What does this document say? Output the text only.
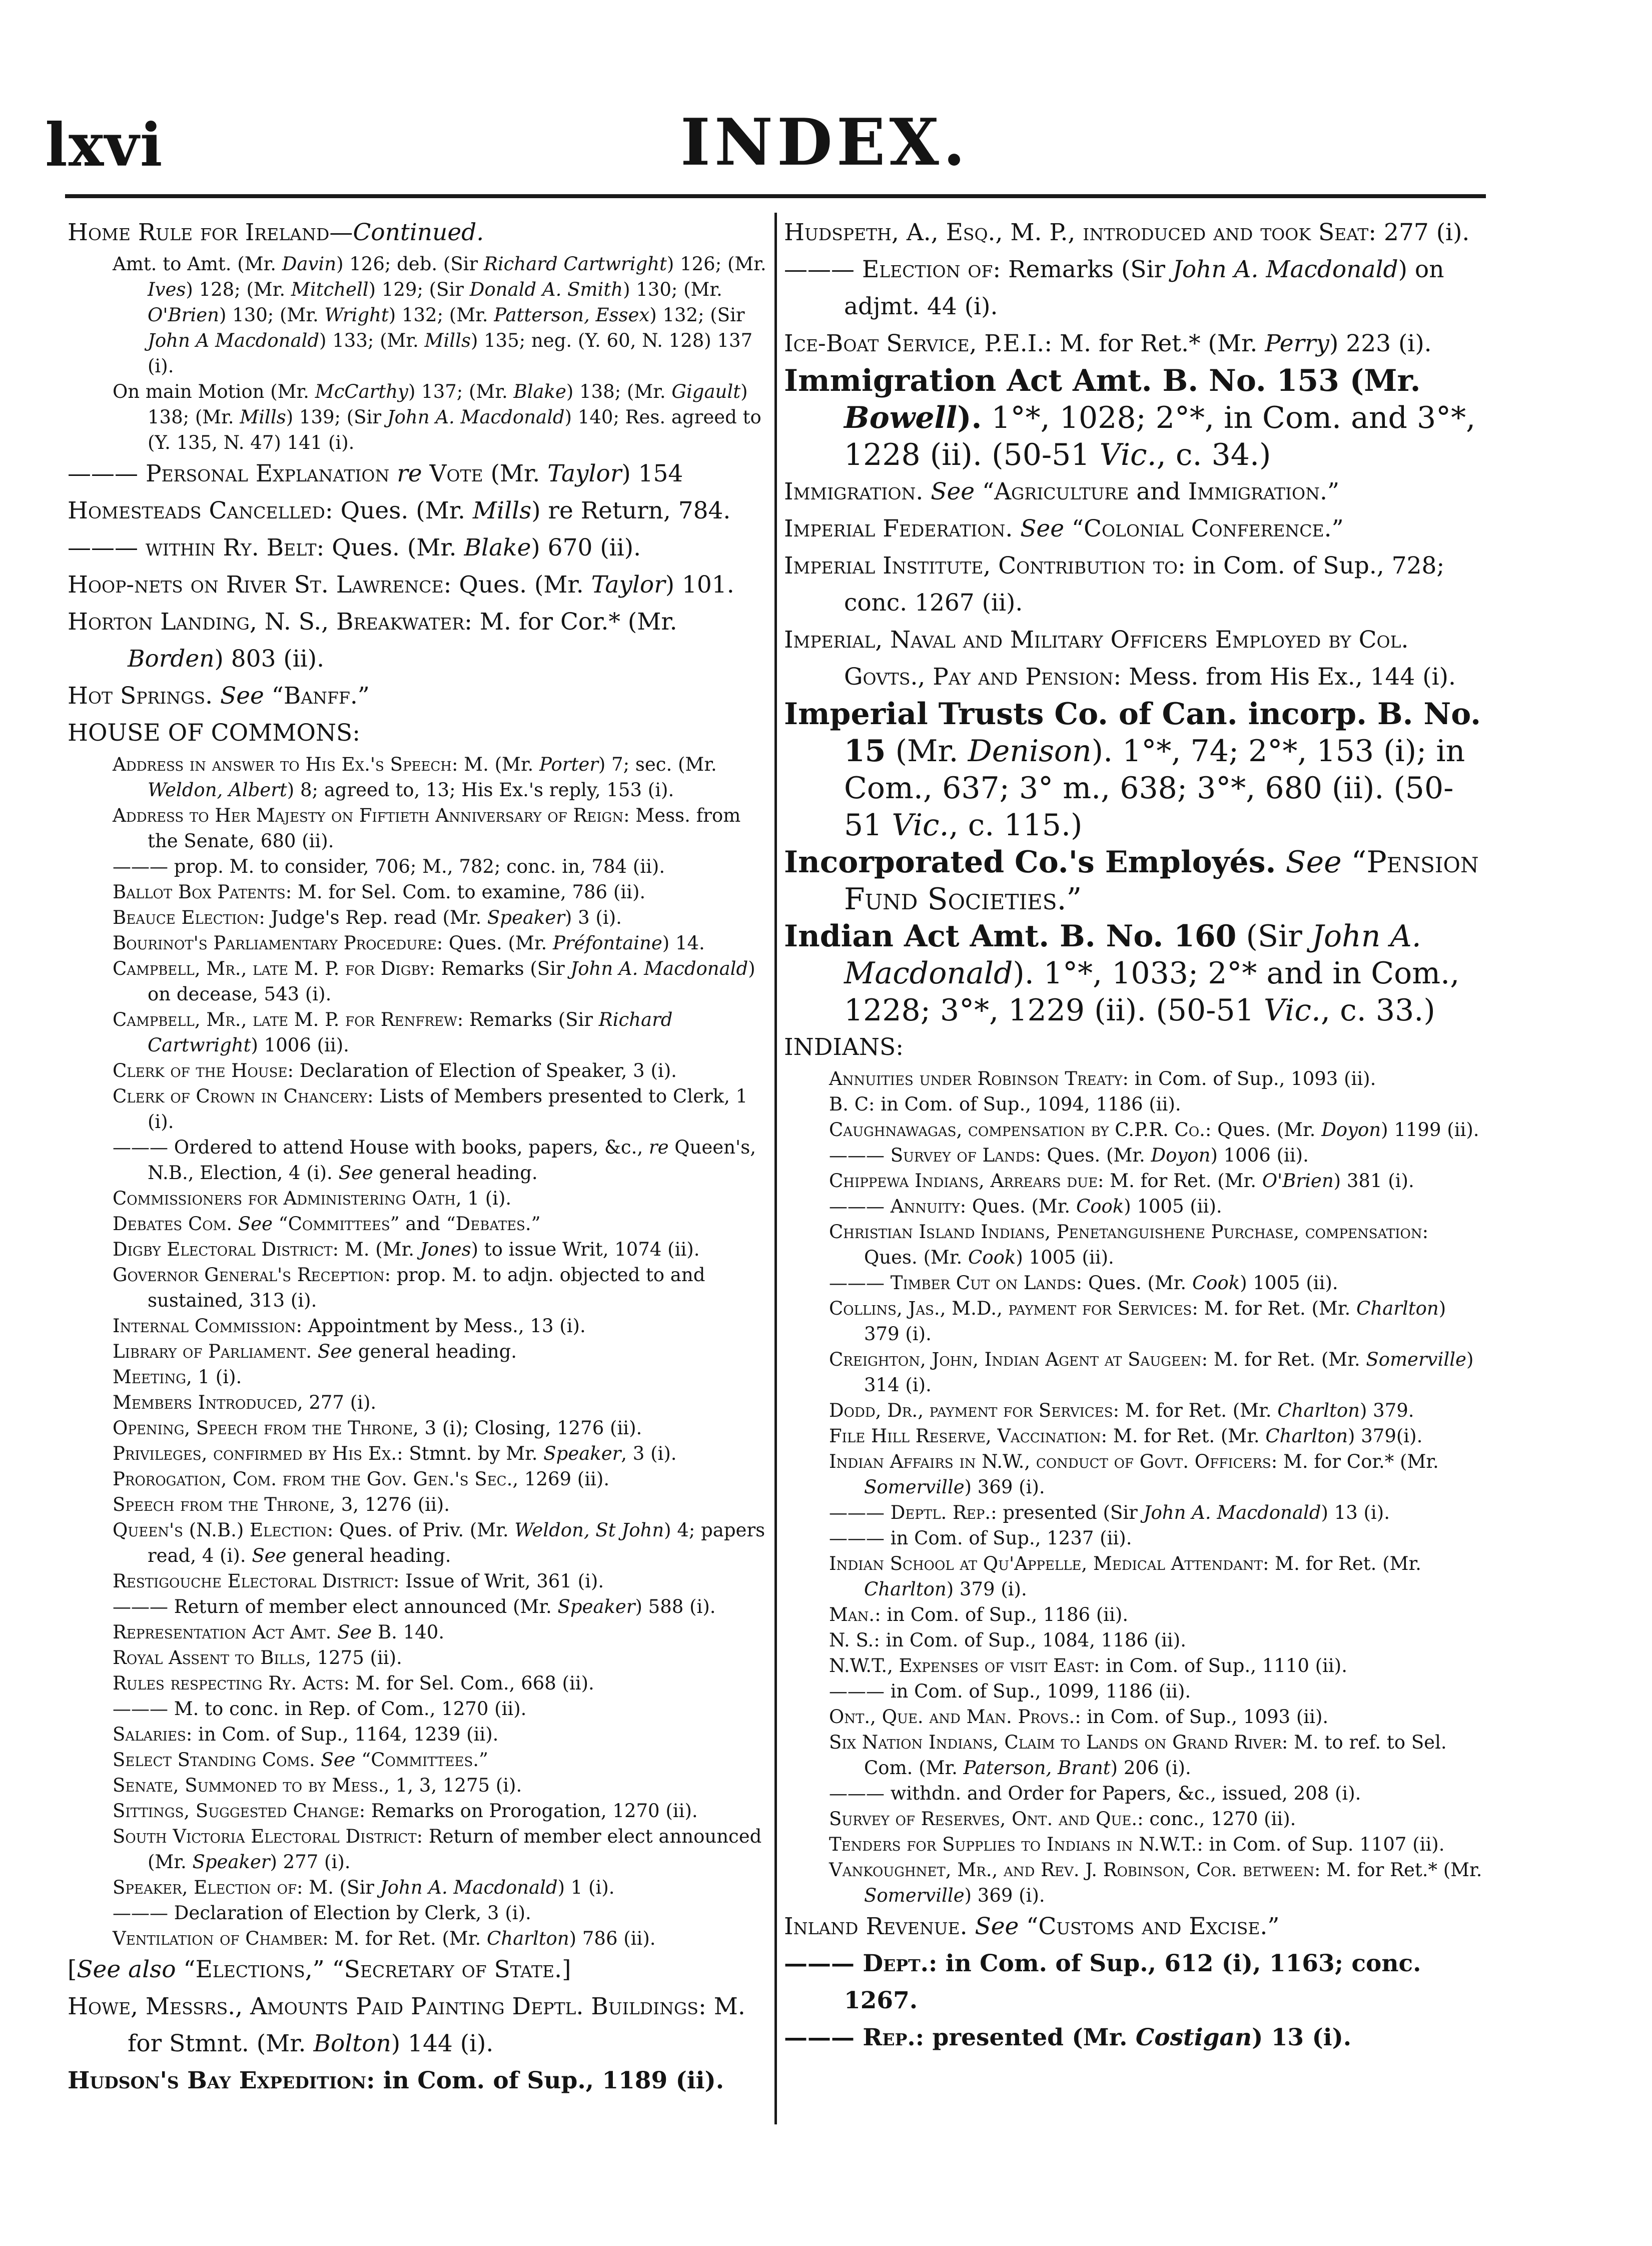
lxvi	INDEX.

Home Rule for Ireland—Continued.

Amt. to Amt. (Mr. Davin) 126; deb. (Sir Richard Cartwright) 126; (Mr. Ives) 128; (Mr. Mitchell) 129; (Sir Donald A. Smith) 130; (Mr. O'Brien) 130; (Mr. Wright) 132; (Mr. Patterson, Essex) 132; (Sir John A Macdonald) 133; (Mr. Mills) 135; neg. (Y. 60, N. 128) 137 (i).

On main Motion (Mr. McCarthy) 137; (Mr. Blake) 138; (Mr. Gigault) 138; (Mr. Mills) 139; (Sir John A. Macdonald) 140; Res. agreed to (Y. 135, N. 47) 141 (i).

——— Personal Explanation re Vote (Mr. Taylor) 154

Homesteads Cancelled: Ques. (Mr. Mills) re Return, 784.

——— within Ry. Belt: Ques. (Mr. Blake) 670 (ii).

Hoop-nets on River St. Lawrence: Ques. (Mr. Taylor) 101.

Horton Landing, N. S., Breakwater: M. for Cor.* (Mr. Borden) 803 (ii).

Hot Springs. See “Banff.”

HOUSE OF COMMONS:

Address in answer to His Ex.'s Speech: M. (Mr. Porter) 7; sec. (Mr. Weldon, Albert) 8; agreed to, 13; His Ex.'s reply, 153 (i).

Address to Her Majesty on Fiftieth Anniversary of Reign: Mess. from the Senate, 680 (ii).

——— prop. M. to consider, 706; M., 782; conc. in, 784 (ii).

Ballot Box Patents: M. for Sel. Com. to examine, 786 (ii).

Beauce Election: Judge's Rep. read (Mr. Speaker) 3 (i).

Bourinot's Parliamentary Procedure: Ques. (Mr. Préfontaine) 14.

Campbell, Mr., late M. P. for Digby: Remarks (Sir John A. Macdonald) on decease, 543 (i).

Campbell, Mr., late M. P. for Renfrew: Remarks (Sir Richard Cartwright) 1006 (ii).

Clerk of the House: Declaration of Election of Speaker, 3 (i).

Clerk of Crown in Chancery: Lists of Members presented to Clerk, 1 (i).

——— Ordered to attend House with books, papers, &c., re Queen's, N.B., Election, 4 (i). See general heading.

Commissioners for Administering Oath, 1 (i).

Debates Com. See “Committees” and “Debates.”

Digby Electoral District: M. (Mr. Jones) to issue Writ, 1074 (ii).

Governor General's Reception: prop. M. to adjn. objected to and sustained, 313 (i).

Internal Commission: Appointment by Mess., 13 (i).

Library of Parliament. See general heading.

Meeting, 1 (i).

Members Introduced, 277 (i).

Opening, Speech from the Throne, 3 (i); Closing, 1276 (ii).

Privileges, confirmed by His Ex.: Stmnt. by Mr. Speaker, 3 (i).

Prorogation, Com. from the Gov. Gen.'s Sec., 1269 (ii).

Speech from the Throne, 3, 1276 (ii).

Queen's (N.B.) Election: Ques. of Priv. (Mr. Weldon, St John) 4; papers read, 4 (i). See general heading.

Restigouche Electoral District: Issue of Writ, 361 (i).

——— Return of member elect announced (Mr. Speaker) 588 (i).

Representation Act Amt. See B. 140.

Royal Assent to Bills, 1275 (ii).

Rules respecting Ry. Acts: M. for Sel. Com., 668 (ii).

——— M. to conc. in Rep. of Com., 1270 (ii).

Salaries: in Com. of Sup., 1164, 1239 (ii).

Select Standing Coms. See “Committees.”

Senate, Summoned to by Mess., 1, 3, 1275 (i).

Sittings, Suggested Change: Remarks on Prorogation, 1270 (ii).

South Victoria Electoral District: Return of member elect announced (Mr. Speaker) 277 (i).

Speaker, Election of: M. (Sir John A. Macdonald) 1 (i).

——— Declaration of Election by Clerk, 3 (i).

Ventilation of Chamber: M. for Ret. (Mr. Charlton) 786 (ii).

[See also “Elections,” “Secretary of State.]

Howe, Messrs., Amounts Paid Painting Deptl. Buildings: M. for Stmnt. (Mr. Bolton) 144 (i).

Hudson's Bay Expedition: in Com. of Sup., 1189 (ii).

Hudspeth, A., Esq., M. P., introduced and took Seat: 277 (i).

——— Election of: Remarks (Sir John A. Macdonald) on adjmt. 44 (i).

Ice-Boat Service, P.E.I.: M. for Ret.* (Mr. Perry) 223 (i).

Immigration Act Amt. B. No. 153 (Mr. Bowell). 1°*, 1028; 2°*, in Com. and 3°*, 1228 (ii). (50-51 Vic., c. 34.)

Immigration. See “Agriculture and Immigration.”

Imperial Federation. See “Colonial Conference.”

Imperial Institute, Contribution to: in Com. of Sup., 728; conc. 1267 (ii).

Imperial, Naval and Military Officers Employed by Col. Govts., Pay and Pension: Mess. from His Ex., 144 (i).

Imperial Trusts Co. of Can. incorp. B. No. 15 (Mr. Denison). 1°*, 74; 2°*, 153 (i); in Com., 637; 3° m., 638; 3°*, 680 (ii). (50-51 Vic., c. 115.)

Incorporated Co.'s Employés. See “Pension Fund Societies.”

Indian Act Amt. B. No. 160 (Sir John A. Macdonald). 1°*, 1033; 2°* and in Com., 1228; 3°*, 1229 (ii). (50-51 Vic., c. 33.)

INDIANS:

Annuities under Robinson Treaty: in Com. of Sup., 1093 (ii).

B. C: in Com. of Sup., 1094, 1186 (ii).

Caughnawagas, compensation by C.P.R. Co.: Ques. (Mr. Doyon) 1199 (ii).

——— Survey of Lands: Ques. (Mr. Doyon) 1006 (ii).

Chippewa Indians, Arrears due: M. for Ret. (Mr. O'Brien) 381 (i).

——— Annuity: Ques. (Mr. Cook) 1005 (ii).

Christian Island Indians, Penetanguishene Purchase, compensation: Ques. (Mr. Cook) 1005 (ii).

——— Timber Cut on Lands: Ques. (Mr. Cook) 1005 (ii).

Collins, Jas., M.D., payment for Services: M. for Ret. (Mr. Charlton) 379 (i).

Creighton, John, Indian Agent at Saugeen: M. for Ret. (Mr. Somerville) 314 (i).

Dodd, Dr., payment for Services: M. for Ret. (Mr. Charlton) 379.

File Hill Reserve, Vaccination: M. for Ret. (Mr. Charlton) 379(i).

Indian Affairs in N.W., conduct of Govt. Officers: M. for Cor.* (Mr. Somerville) 369 (i).

——— Deptl. Rep.: presented (Sir John A. Macdonald) 13 (i).

——— in Com. of Sup., 1237 (ii).

Indian School at Qu'Appelle, Medical Attendant: M. for Ret. (Mr. Charlton) 379 (i).

Man.: in Com. of Sup., 1186 (ii).

N. S.: in Com. of Sup., 1084, 1186 (ii).

N.W.T., Expenses of visit East: in Com. of Sup., 1110 (ii).

——— in Com. of Sup., 1099, 1186 (ii).

Ont., Que. and Man. Provs.: in Com. of Sup., 1093 (ii).

Six Nation Indians, Claim to Lands on Grand River: M. to ref. to Sel. Com. (Mr. Paterson, Brant) 206 (i).

——— withdn. and Order for Papers, &c., issued, 208 (i).

Survey of Reserves, Ont. and Que.: conc., 1270 (ii).

Tenders for Supplies to Indians in N.W.T.: in Com. of Sup. 1107 (ii).

Vankoughnet, Mr., and Rev. J. Robinson, Cor. between: M. for Ret.* (Mr. Somerville) 369 (i).

Inland Revenue. See “Customs and Excise.”

——— Dept.: in Com. of Sup., 612 (i), 1163; conc. 1267.

——— Rep.: presented (Mr. Costigan) 13 (i).
